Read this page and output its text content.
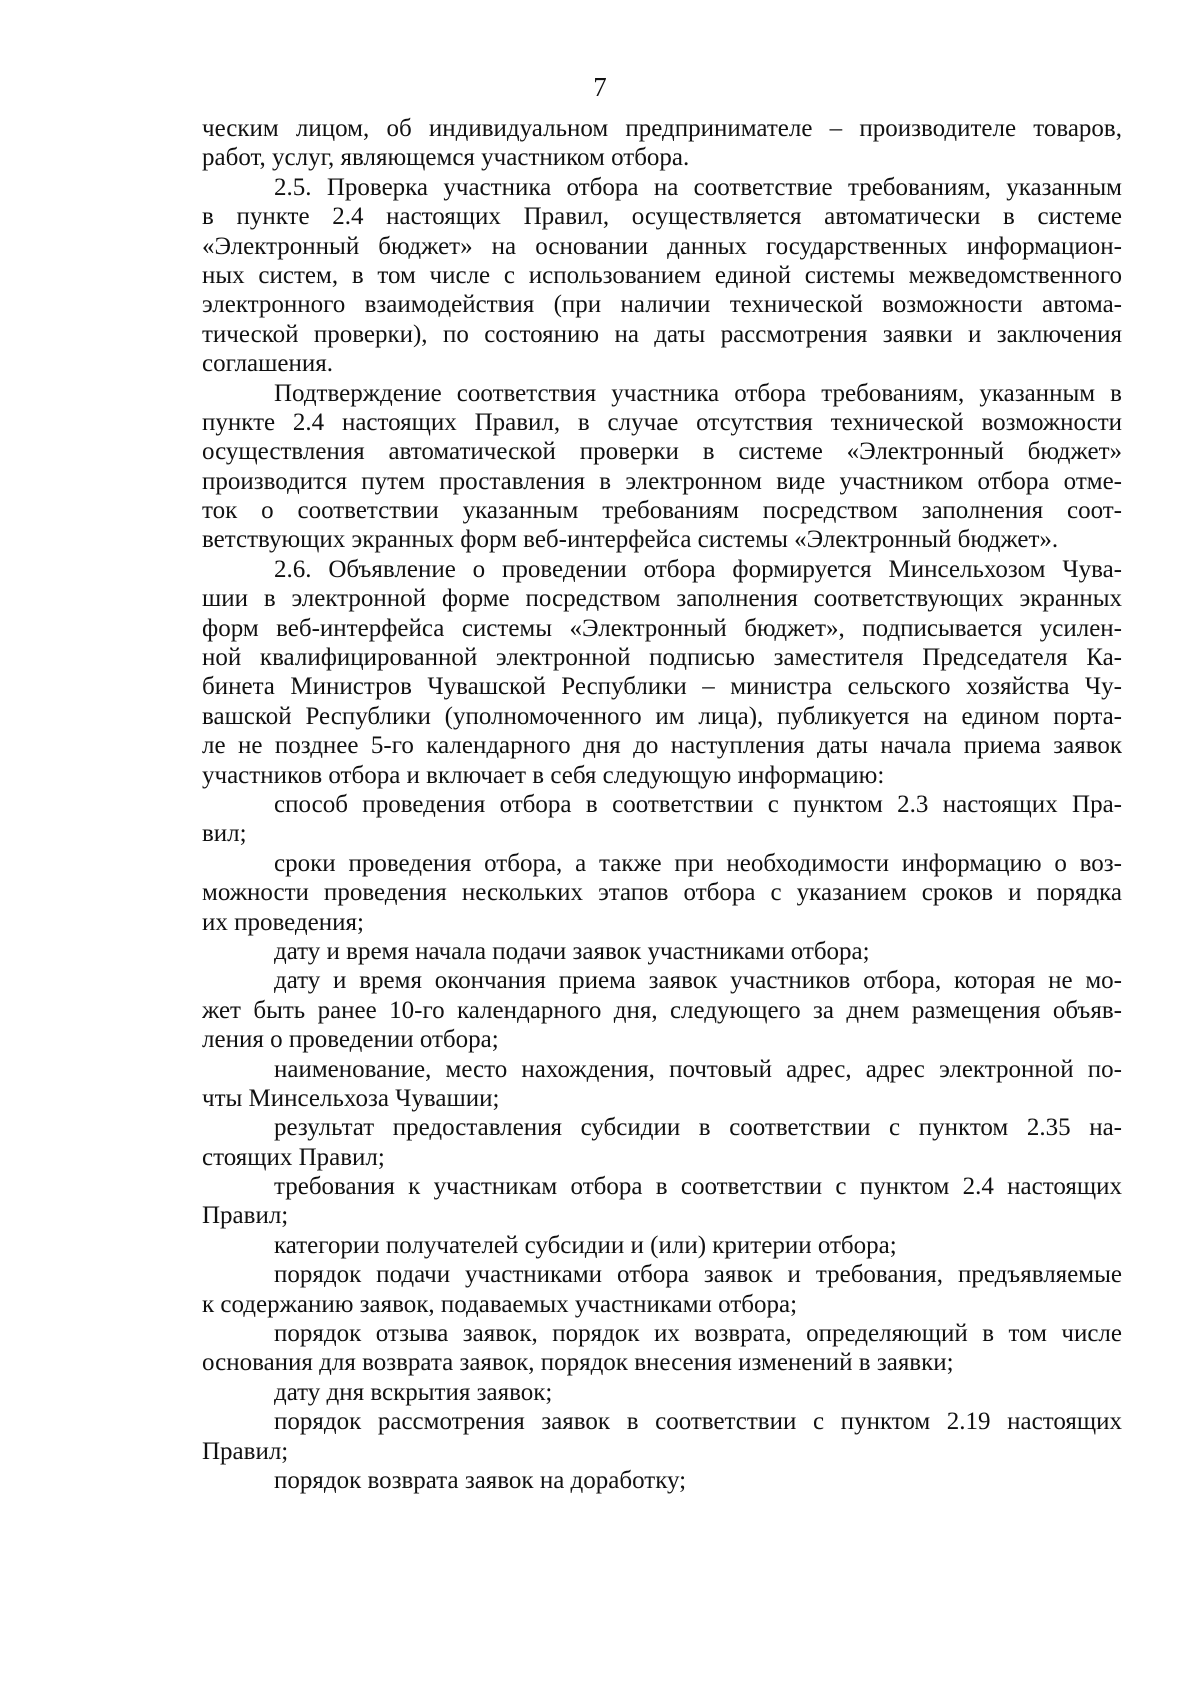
7

ческим лицом, об индивидуальном предпринимателе – производителе товаров,
работ, услуг, являющемся участником отбора.
2.5. Проверка участника отбора на соответствие требованиям, указанным
в пункте 2.4 настоящих Правил, осуществляется автоматически в системе
«Электронный бюджет» на основании данных государственных информацион-
ных систем, в том числе с использованием единой системы межведомственного
электронного взаимодействия (при наличии технической возможности автома-
тической проверки), по состоянию на даты рассмотрения заявки и заключения
соглашения.
Подтверждение соответствия участника отбора требованиям, указанным в
пункте 2.4 настоящих Правил, в случае отсутствия технической возможности
осуществления автоматической проверки в системе «Электронный бюджет»
производится путем проставления в электронном виде участником отбора отме-
ток о соответствии указанным требованиям посредством заполнения соот-
ветствующих экранных форм веб-интерфейса системы «Электронный бюджет».
2.6. Объявление о проведении отбора формируется Минсельхозом Чува-
шии в электронной форме посредством заполнения соответствующих экранных
форм веб-интерфейса системы «Электронный бюджет», подписывается усилен-
ной квалифицированной электронной подписью заместителя Председателя Ка-
бинета Министров Чувашской Республики – министра сельского хозяйства Чу-
вашской Республики (уполномоченного им лица), публикуется на едином порта-
ле не позднее 5-го календарного дня до наступления даты начала приема заявок
участников отбора и включает в себя следующую информацию:
способ проведения отбора в соответствии с пунктом 2.3 настоящих Пра-
вил;
сроки проведения отбора, а также при необходимости информацию о воз-
можности проведения нескольких этапов отбора с указанием сроков и порядка
их проведения;
дату и время начала подачи заявок участниками отбора;
дату и время окончания приема заявок участников отбора, которая не мо-
жет быть ранее 10-го календарного дня, следующего за днем размещения объяв-
ления о проведении отбора;
наименование, место нахождения, почтовый адрес, адрес электронной по-
чты Минсельхоза Чувашии;
результат предоставления субсидии в соответствии с пунктом 2.35 на-
стоящих Правил;
требования к участникам отбора в соответствии с пунктом 2.4 настоящих
Правил;
категории получателей субсидии и (или) критерии отбора;
порядок подачи участниками отбора заявок и требования, предъявляемые
к содержанию заявок, подаваемых участниками отбора;
порядок отзыва заявок, порядок их возврата, определяющий в том числе
основания для возврата заявок, порядок внесения изменений в заявки;
дату дня вскрытия заявок;
порядок рассмотрения заявок в соответствии с пунктом 2.19 настоящих
Правил;
порядок возврата заявок на доработку;
